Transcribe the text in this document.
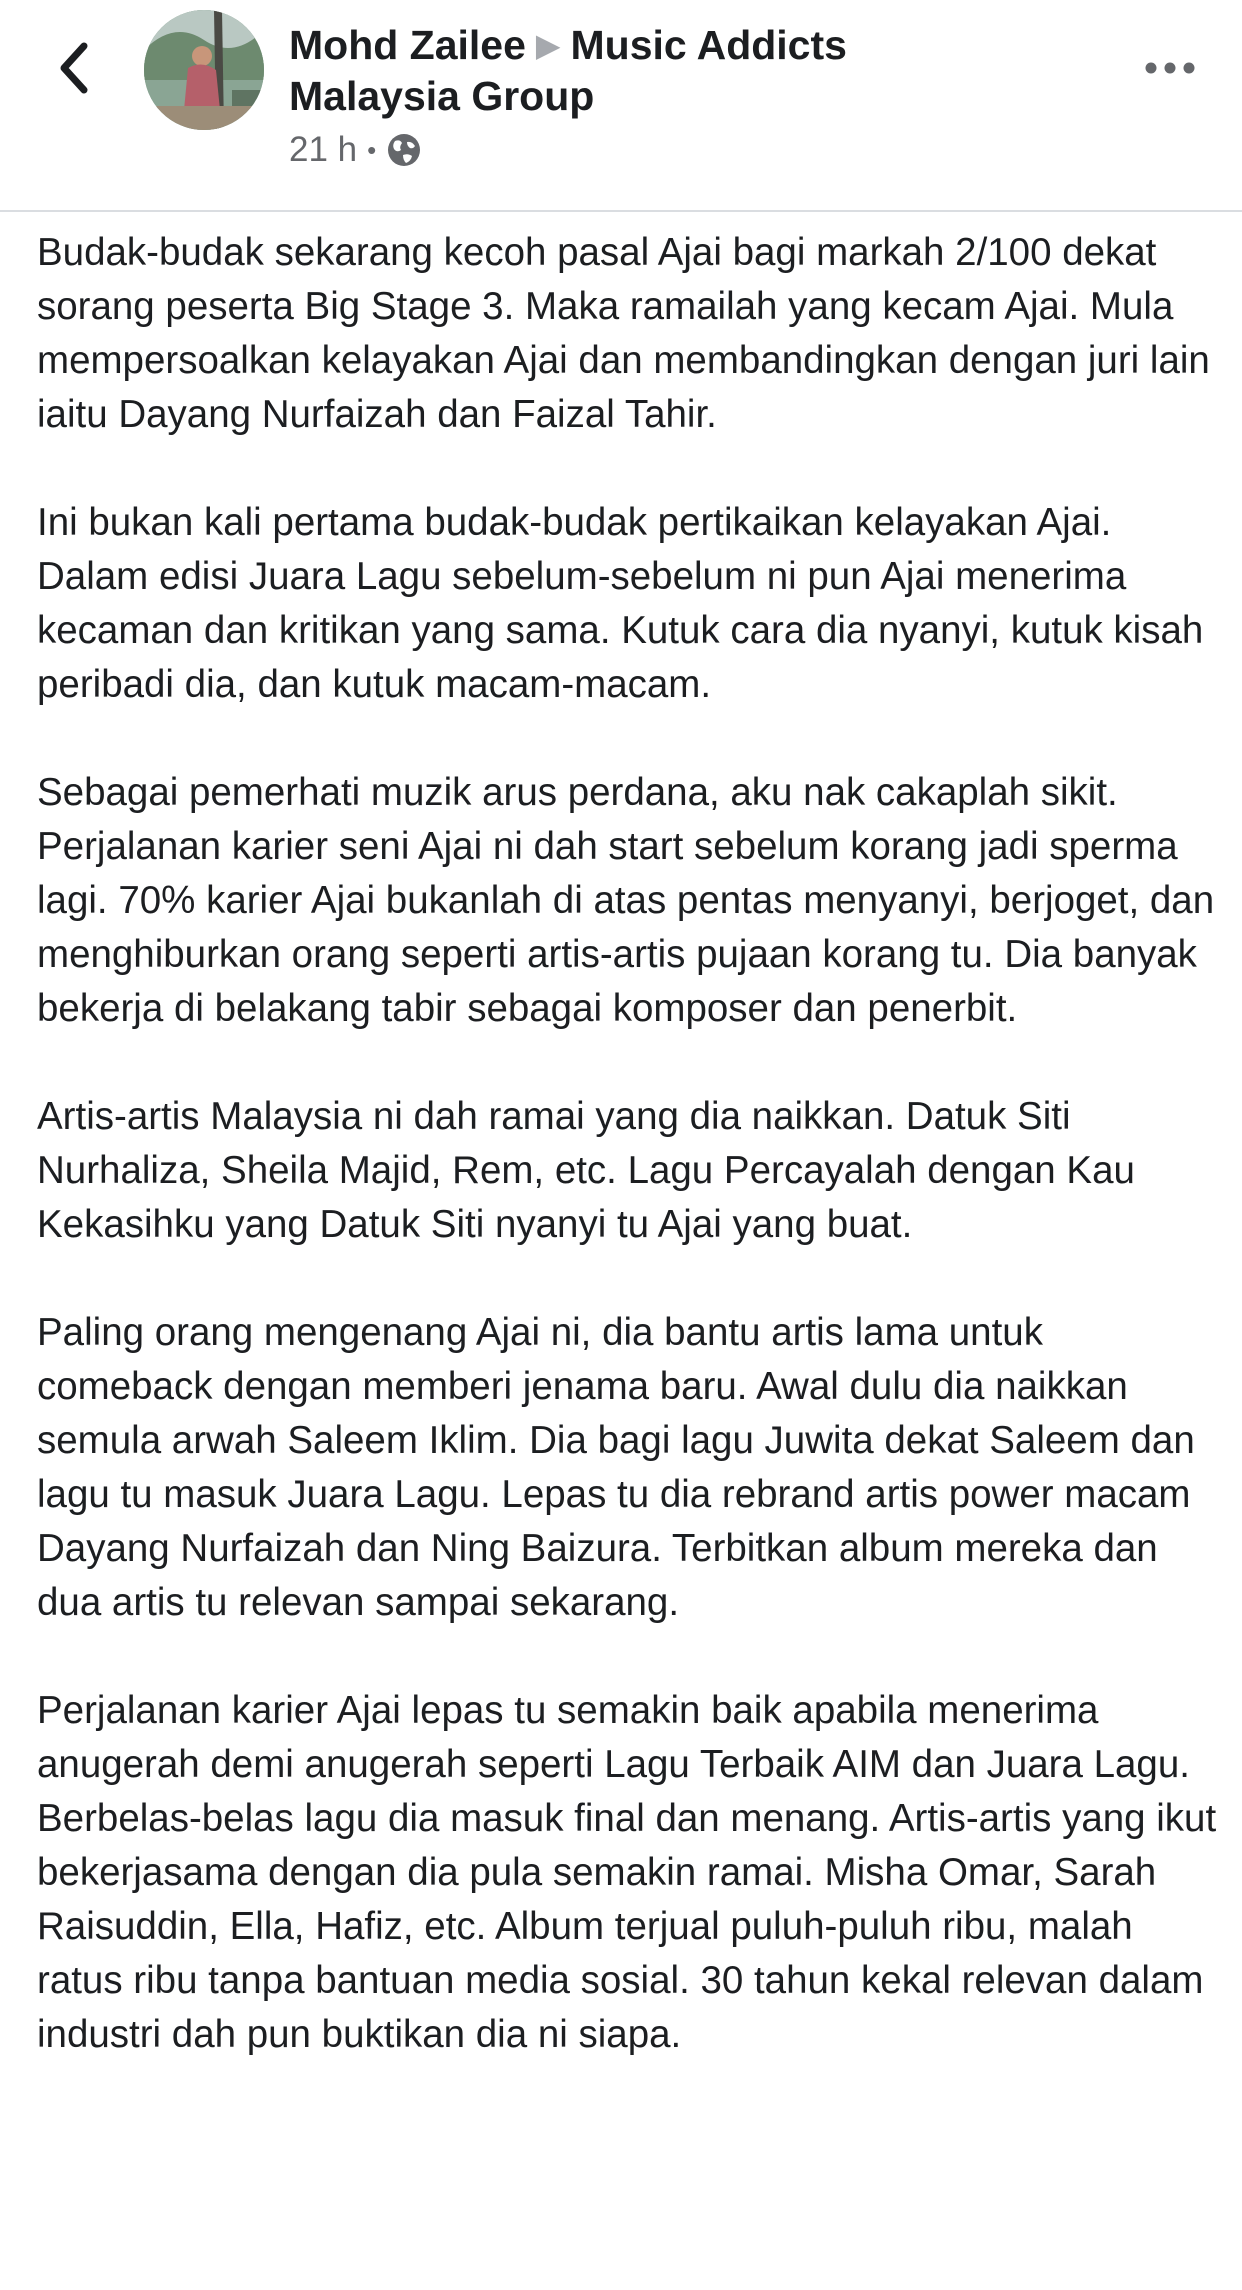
Mohd Zailee ▶ Music Addicts Malaysia Group
21 h •

Budak-budak sekarang kecoh pasal Ajai bagi markah 2/100 dekat sorang peserta Big Stage 3. Maka ramailah yang kecam Ajai. Mula mempersoalkan kelayakan Ajai dan membandingkan dengan juri lain iaitu Dayang Nurfaizah dan Faizal Tahir.

Ini bukan kali pertama budak-budak pertikaikan kelayakan Ajai. Dalam edisi Juara Lagu sebelum-sebelum ni pun Ajai menerima kecaman dan kritikan yang sama. Kutuk cara dia nyanyi, kutuk kisah peribadi dia, dan kutuk macam-macam.

Sebagai pemerhati muzik arus perdana, aku nak cakaplah sikit. Perjalanan karier seni Ajai ni dah start sebelum korang jadi sperma lagi. 70% karier Ajai bukanlah di atas pentas menyanyi, berjoget, dan menghiburkan orang seperti artis-artis pujaan korang tu. Dia banyak bekerja di belakang tabir sebagai komposer dan penerbit.

Artis-artis Malaysia ni dah ramai yang dia naikkan. Datuk Siti Nurhaliza, Sheila Majid, Rem, etc. Lagu Percayalah dengan Kau Kekasihku yang Datuk Siti nyanyi tu Ajai yang buat.

Paling orang mengenang Ajai ni, dia bantu artis lama untuk comeback dengan memberi jenama baru. Awal dulu dia naikkan semula arwah Saleem Iklim. Dia bagi lagu Juwita dekat Saleem dan lagu tu masuk Juara Lagu. Lepas tu dia rebrand artis power macam Dayang Nurfaizah dan Ning Baizura. Terbitkan album mereka dan dua artis tu relevan sampai sekarang.

Perjalanan karier Ajai lepas tu semakin baik apabila menerima anugerah demi anugerah seperti Lagu Terbaik AIM dan Juara Lagu. Berbelas-belas lagu dia masuk final dan menang. Artis-artis yang ikut bekerjasama dengan dia pula semakin ramai. Misha Omar, Sarah Raisuddin, Ella, Hafiz, etc. Album terjual puluh-puluh ribu, malah ratus ribu tanpa bantuan media sosial. 30 tahun kekal relevan dalam industri dah pun buktikan dia ni siapa.
